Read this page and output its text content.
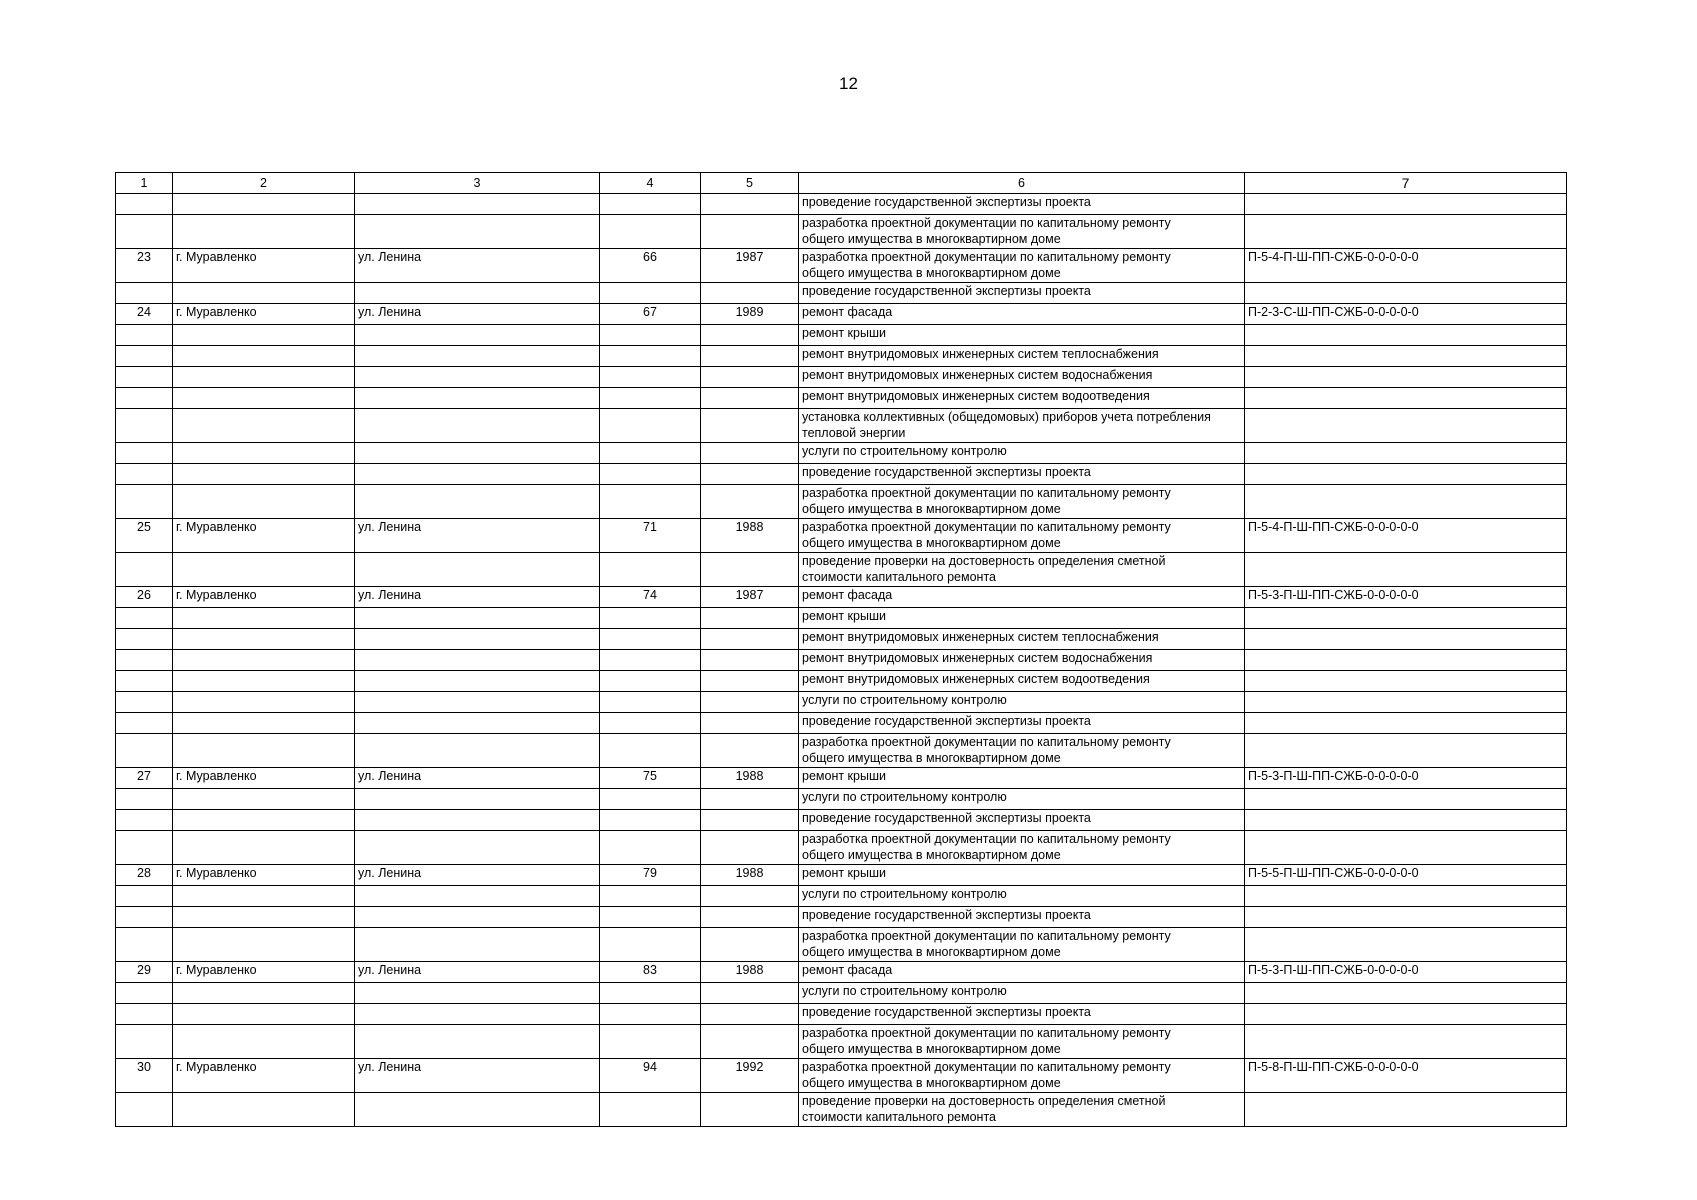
12
1	2	3	4	5	6	7

					проведение государственной экспертизы проекта	

					разработка проектной документации по капитальному ремонту общего имущества в многоквартирном доме	

23	г. Муравленко	ул. Ленина	66	1987	разработка проектной документации по капитальному ремонту общего имущества в многоквартирном доме	П-5-4-П-Ш-ПП-СЖБ-0-0-0-0-0

					проведение государственной экспертизы проекта	

24	г. Муравленко	ул. Ленина	67	1989	ремонт фасада	П-2-3-С-Ш-ПП-СЖБ-0-0-0-0-0

					ремонт крыши	

					ремонт внутридомовых инженерных систем теплоснабжения	

					ремонт внутридомовых инженерных систем водоснабжения	

					ремонт внутридомовых инженерных систем водоотведения	

					установка коллективных (общедомовых) приборов учета потребления тепловой энергии	

					услуги по строительному контролю	

					проведение государственной экспертизы проекта	

					разработка проектной документации по капитальному ремонту общего имущества в многоквартирном доме	

25	г. Муравленко	ул. Ленина	71	1988	разработка проектной документации по капитальному ремонту общего имущества в многоквартирном доме	П-5-4-П-Ш-ПП-СЖБ-0-0-0-0-0

					проведение проверки на достоверность определения сметной стоимости капитального ремонта	

26	г. Муравленко	ул. Ленина	74	1987	ремонт фасада	П-5-3-П-Ш-ПП-СЖБ-0-0-0-0-0

					ремонт крыши	

					ремонт внутридомовых инженерных систем теплоснабжения	

					ремонт внутридомовых инженерных систем водоснабжения	

					ремонт внутридомовых инженерных систем водоотведения	

					услуги по строительному контролю	

					проведение государственной экспертизы проекта	

					разработка проектной документации по капитальному ремонту общего имущества в многоквартирном доме	

27	г. Муравленко	ул. Ленина	75	1988	ремонт крыши	П-5-3-П-Ш-ПП-СЖБ-0-0-0-0-0

					услуги по строительному контролю	

					проведение государственной экспертизы проекта	

					разработка проектной документации по капитальному ремонту общего имущества в многоквартирном доме	

28	г. Муравленко	ул. Ленина	79	1988	ремонт крыши	П-5-5-П-Ш-ПП-СЖБ-0-0-0-0-0

					услуги по строительному контролю	

					проведение государственной экспертизы проекта	

					разработка проектной документации по капитальному ремонту общего имущества в многоквартирном доме	

29	г. Муравленко	ул. Ленина	83	1988	ремонт фасада	П-5-3-П-Ш-ПП-СЖБ-0-0-0-0-0

					услуги по строительному контролю	

					проведение государственной экспертизы проекта	

					разработка проектной документации по капитальному ремонту общего имущества в многоквартирном доме	

30	г. Муравленко	ул. Ленина	94	1992	разработка проектной документации по капитальному ремонту общего имущества в многоквартирном доме	П-5-8-П-Ш-ПП-СЖБ-0-0-0-0-0

					проведение проверки на достоверность определения сметной стоимости капитального ремонта	
